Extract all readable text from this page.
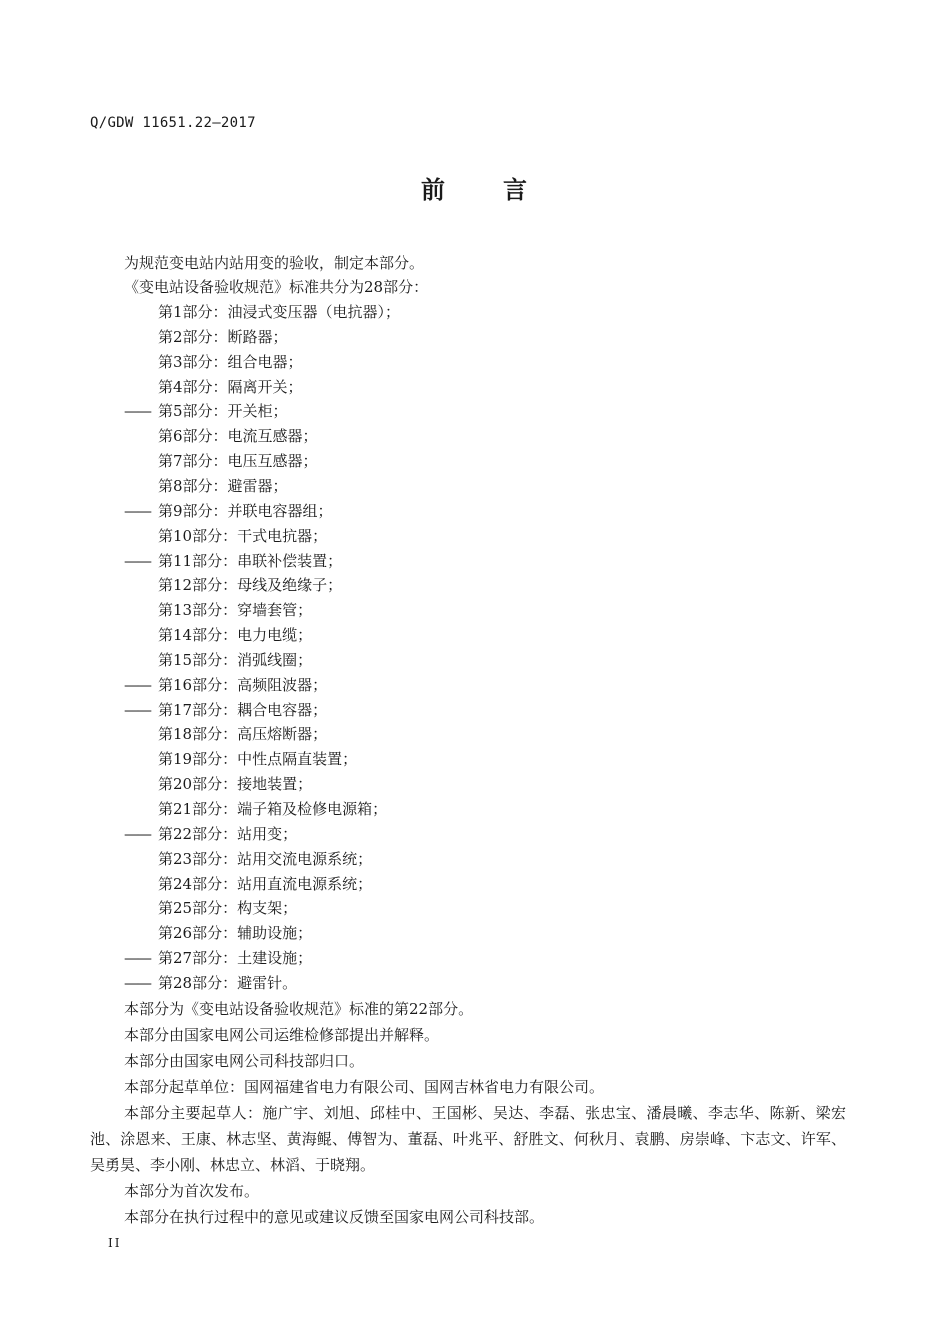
Q/GDW 11651.22—2017
前 言
为规范变电站内站用变的验收，制定本部分。
《变电站设备验收规范》标准共分为28部分：
第1部分：油浸式变压器（电抗器）；
第2部分：断路器；
第3部分：组合电器；
第4部分：隔离开关；
—— 第5部分：开关柜；
第6部分：电流互感器；
第7部分：电压互感器；
第8部分：避雷器；
—— 第9部分：并联电容器组；
第10部分：干式电抗器；
—— 第11部分：串联补偿装置；
第12部分：母线及绝缘子；
第13部分：穿墙套管；
第14部分：电力电缆；
第15部分：消弧线圈；
—— 第16部分：高频阻波器；
—— 第17部分：耦合电容器；
第18部分：高压熔断器；
第19部分：中性点隔直装置；
第20部分：接地装置；
第21部分：端子箱及检修电源箱；
—— 第22部分：站用变；
第23部分：站用交流电源系统；
第24部分：站用直流电源系统；
第25部分：构支架；
第26部分：辅助设施；
—— 第27部分：土建设施；
—— 第28部分：避雷针。
本部分为《变电站设备验收规范》标准的第22部分。
本部分由国家电网公司运维检修部提出并解释。
本部分由国家电网公司科技部归口。
本部分起草单位：国网福建省电力有限公司、国网吉林省电力有限公司。
本部分主要起草人：施广宇、刘旭、邱桂中、王国彬、吴达、李磊、张忠宝、潘晨曦、李志华、陈新、梁宏池、涂恩来、王康、林志坚、黄海鲲、傅智为、董磊、叶兆平、舒胜文、何秋月、袁鹏、房崇峰、卞志文、许军、吴勇昊、李小刚、林忠立、林滔、于晓翔。
本部分为首次发布。
本部分在执行过程中的意见或建议反馈至国家电网公司科技部。
II
